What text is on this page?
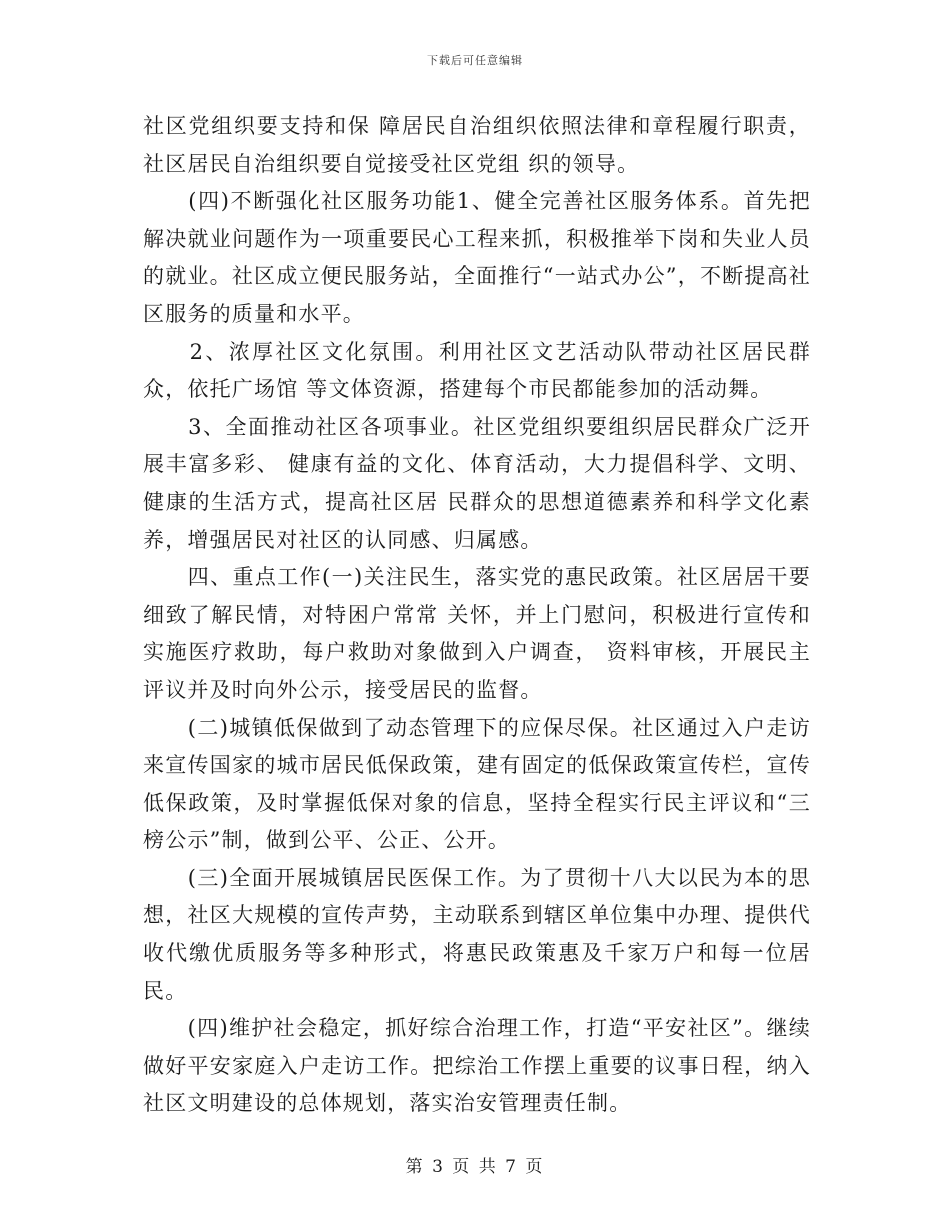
下载后可任意编辑

社区党组织要支持和保 障居民自治组织依照法律和章程履行职责，社区居民自治组织要自觉接受社区党组 织的领导。

　　(四)不断强化社区服务功能1、健全完善社区服务体系。首先把解决就业问题作为一项重要民心工程来抓，积极推举下岗和失业人员的就业。社区成立便民服务站，全面推行“一站式办公”，不断提高社区服务的质量和水平。

　　2、浓厚社区文化氛围。利用社区文艺活动队带动社区居民群众，依托广场馆 等文体资源，搭建每个市民都能参加的活动舞。

　　3、全面推动社区各项事业。社区党组织要组织居民群众广泛开展丰富多彩、 健康有益的文化、体育活动，大力提倡科学、文明、健康的生活方式，提高社区居 民群众的思想道德素养和科学文化素养，增强居民对社区的认同感、归属感。

　　四、重点工作(一)关注民生，落实党的惠民政策。社区居居干要细致了解民情，对特困户常常 关怀，并上门慰问，积极进行宣传和实施医疗救助，每户救助对象做到入户调查， 资料审核，开展民主评议并及时向外公示，接受居民的监督。

　　(二)城镇低保做到了动态管理下的应保尽保。社区通过入户走访来宣传国家的城市居民低保政策，建有固定的低保政策宣传栏，宣传低保政策，及时掌握低保对象的信息，坚持全程实行民主评议和“三榜公示”制，做到公平、公正、公开。

　　(三)全面开展城镇居民医保工作。为了贯彻十八大以民为本的思想，社区大规模的宣传声势，主动联系到辖区单位集中办理、提供代收代缴优质服务等多种形式，将惠民政策惠及千家万户和每一位居民。

　　(四)维护社会稳定，抓好综合治理工作，打造“平安社区”。继续做好平安家庭入户走访工作。把综治工作摆上重要的议事日程，纳入社区文明建设的总体规划，落实治安管理责任制。

第 3 页 共 7 页
